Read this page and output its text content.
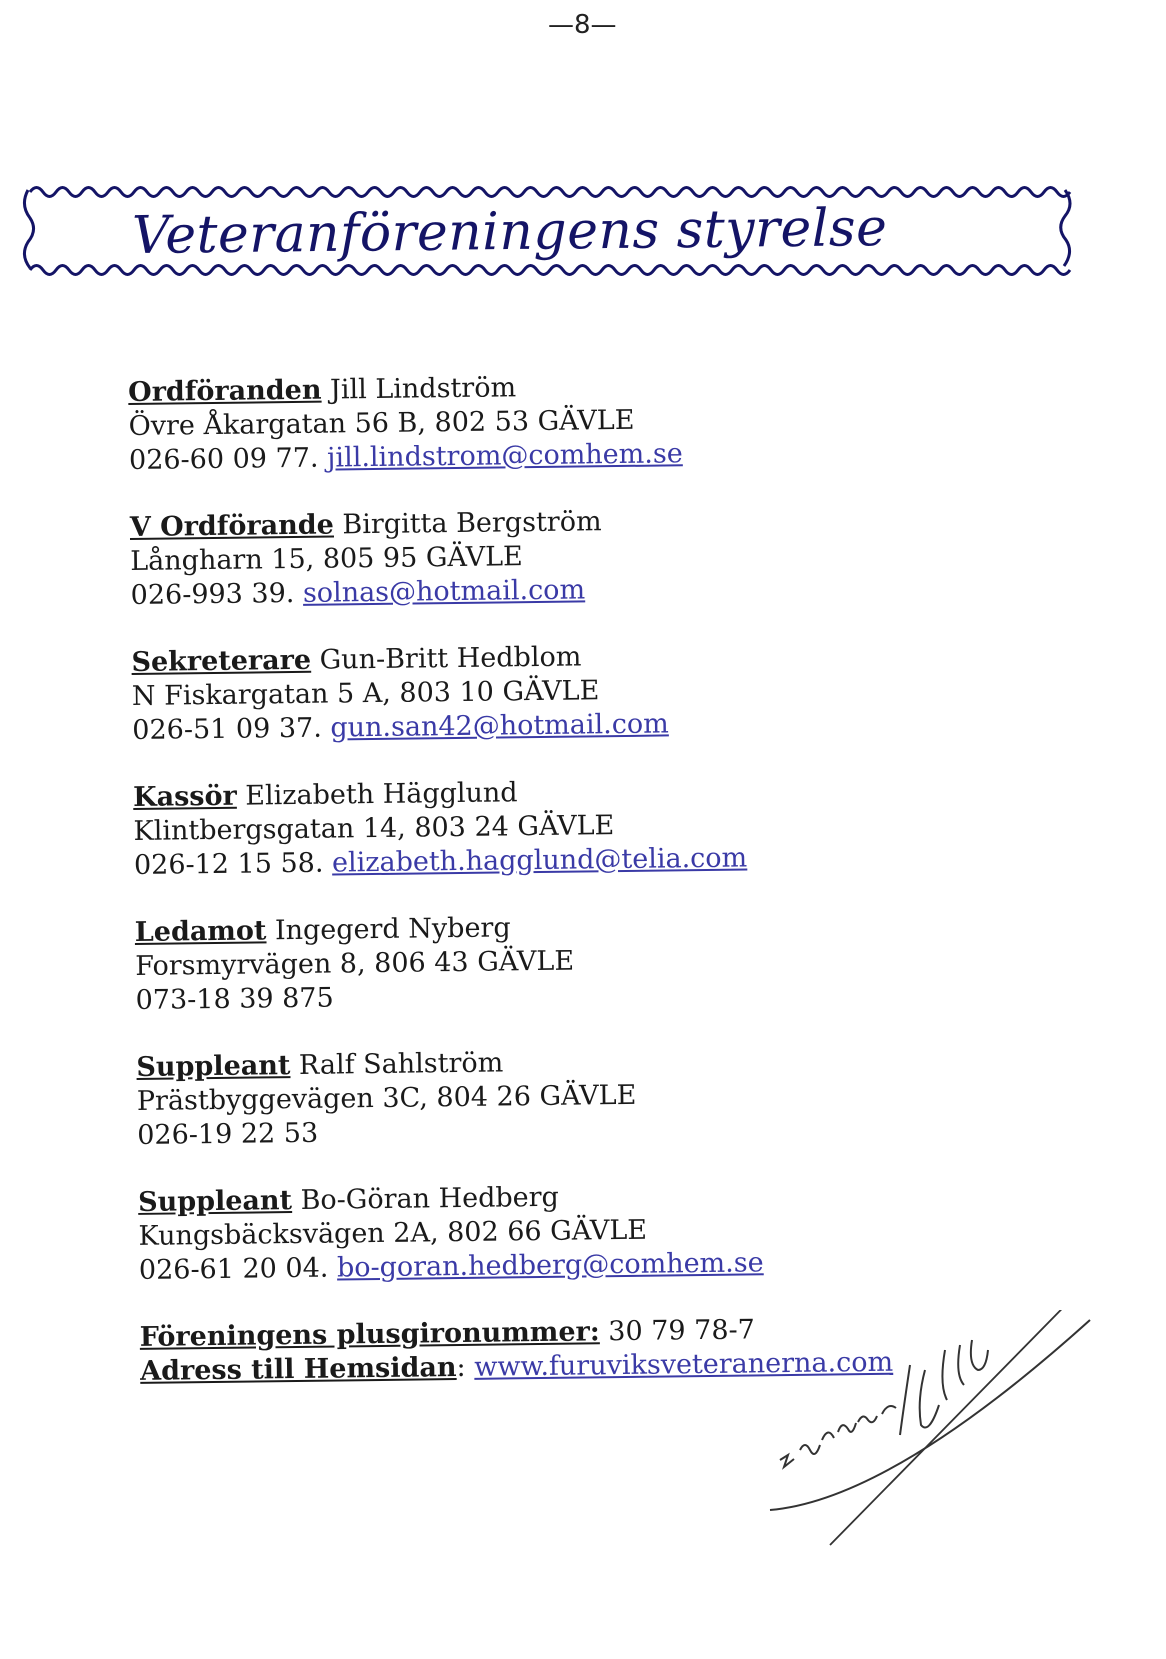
—8—
Veteranföreningens styrelse
Ordföranden Jill Lindström
Övre Åkargatan 56 B, 802 53 GÄVLE
026-60 09 77. jill.lindstrom@comhem.se
V Ordförande Birgitta Bergström
Långharn 15, 805 95 GÄVLE
026-993 39. solnas@hotmail.com
Sekreterare Gun-Britt Hedblom
N Fiskargatan 5 A, 803 10 GÄVLE
026-51 09 37. gun.san42@hotmail.com
Kassör Elizabeth Hägglund
Klintbergsgatan 14, 803 24 GÄVLE
026-12 15 58. elizabeth.hagglund@telia.com
Ledamot Ingegerd Nyberg
Forsmyrvägen 8, 806 43 GÄVLE
073-18 39 875
Suppleant Ralf Sahlström
Prästbyggevägen 3C, 804 26 GÄVLE
026-19 22 53
Suppleant Bo-Göran Hedberg
Kungsbäcksvägen 2A, 802 66 GÄVLE
026-61 20 04. bo-goran.hedberg@comhem.se
Föreningens plusgironummer: 30 79 78-7
Adress till Hemsidan: www.furuviksveteranerna.com
